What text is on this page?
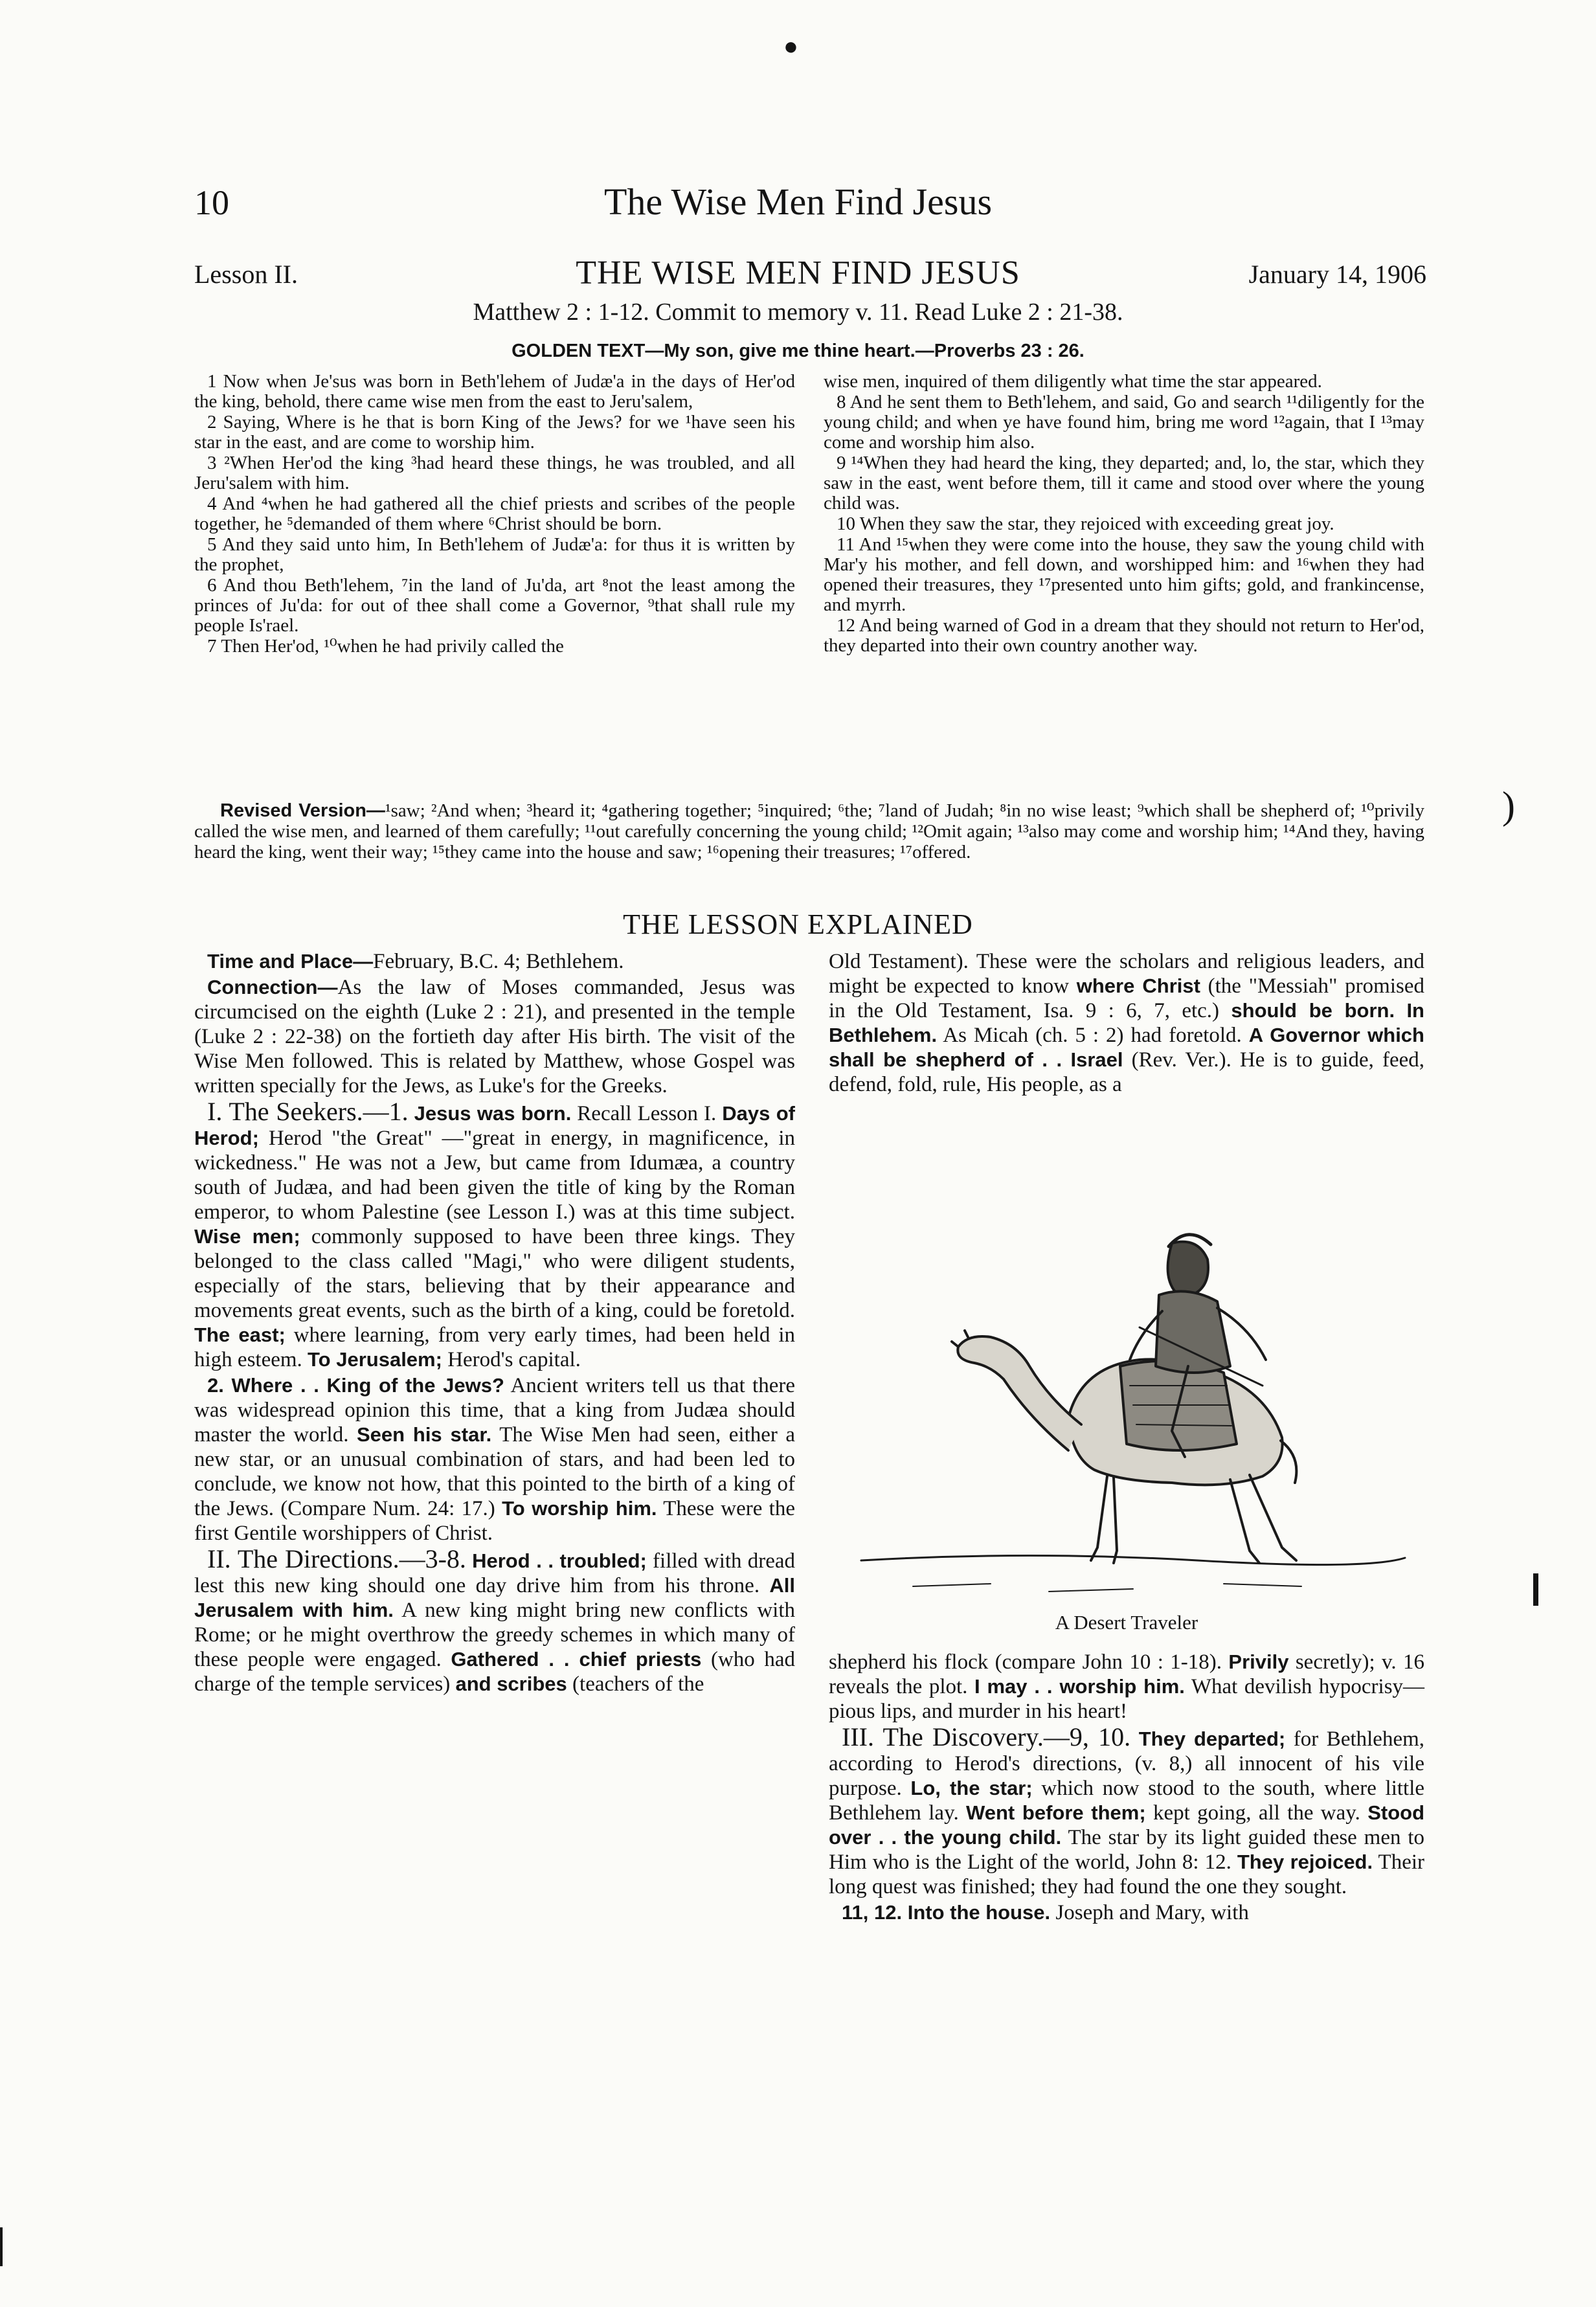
●
10	The Wise Men Find Jesus
Lesson II.	THE WISE MEN FIND JESUS	January 14, 1906
Matthew 2 : 1-12. Commit to memory v. 11. Read Luke 2 : 21-38.
GOLDEN TEXT—My son, give me thine heart.—Proverbs 23 : 26.

1 Now when Je'sus was born in Beth'lehem of Judæ'a in the days of Her'od the king, behold, there came wise men from the east to Jeru'salem,

2 Saying, Where is he that is born King of the Jews? for we ¹have seen his star in the east, and are come to worship him.

3 ²When Her'od the king ³had heard these things, he was troubled, and all Jeru'salem with him.

4 And ⁴when he had gathered all the chief priests and scribes of the people together, he ⁵demanded of them where ⁶Christ should be born.

5 And they said unto him, In Beth'lehem of Judæ'a: for thus it is written by the prophet,

6 And thou Beth'lehem, ⁷in the land of Ju'da, art ⁸not the least among the princes of Ju'da: for out of thee shall come a Governor, ⁹that shall rule my people Is'rael.

7 Then Her'od, ¹⁰when he had privily called the

wise men, inquired of them diligently what time the star appeared.

8 And he sent them to Beth'lehem, and said, Go and search ¹¹diligently for the young child; and when ye have found him, bring me word ¹²again, that I ¹³may come and worship him also.

9 ¹⁴When they had heard the king, they departed; and, lo, the star, which they saw in the east, went before them, till it came and stood over where the young child was.

10 When they saw the star, they rejoiced with exceeding great joy.

11 And ¹⁵when they were come into the house, they saw the young child with Mar'y his mother, and fell down, and worshipped him: and ¹⁶when they had opened their treasures, they ¹⁷presented unto him gifts; gold, and frankincense, and myrrh.

12 And being warned of God in a dream that they should not return to Her'od, they departed into their own country another way.

Revised Version—¹saw; ²And when; ³heard it; ⁴gathering together; ⁵inquired; ⁶the; ⁷land of Judah; ⁸in no wise least; ⁹which shall be shepherd of; ¹⁰privily called the wise men, and learned of them carefully; ¹¹out carefully concerning the young child; ¹²Omit again; ¹³also may come and worship him; ¹⁴And they, having heard the king, went their way; ¹⁵they came into the house and saw; ¹⁶opening their treasures; ¹⁷offered.
THE LESSON EXPLAINED

Time and Place—February, B.C. 4; Bethlehem.

Connection—As the law of Moses commanded, Jesus was circumcised on the eighth (Luke 2 : 21), and presented in the temple (Luke 2 : 22-38) on the fortieth day after His birth. The visit of the Wise Men followed. This is related by Matthew, whose Gospel was written specially for the Jews, as Luke's for the Greeks.

I. The Seekers.—1. Jesus was born. Recall Lesson I. Days of Herod; Herod "the Great" —"great in energy, in magnificence, in wickedness." He was not a Jew, but came from Idumæa, a country south of Judæa, and had been given the title of king by the Roman emperor, to whom Palestine (see Lesson I.) was at this time subject. Wise men; commonly supposed to have been three kings. They belonged to the class called "Magi," who were diligent students, especially of the stars, believing that by their appearance and movements great events, such as the birth of a king, could be foretold. The east; where learning, from very early times, had been held in high esteem. To Jerusalem; Herod's capital.

2. Where . . King of the Jews? Ancient writers tell us that there was widespread opinion this time, that a king from Judæa should master the world. Seen his star. The Wise Men had seen, either a new star, or an unusual combination of stars, and had been led to conclude, we know not how, that this pointed to the birth of a king of the Jews. (Compare Num. 24: 17.) To worship him. These were the first Gentile worshippers of Christ.

II. The Directions.—3-8. Herod . . troubled; filled with dread lest this new king should one day drive him from his throne. All Jerusalem with him. A new king might bring new conflicts with Rome; or he might overthrow the greedy schemes in which many of these people were engaged. Gathered . . chief priests (who had charge of the temple services) and scribes (teachers of the

Old Testament). These were the scholars and religious leaders, and might be expected to know where Christ (the "Messiah" promised in the Old Testament, Isa. 9 : 6, 7, etc.) should be born. In Bethlehem. As Micah (ch. 5 : 2) had foretold. A Governor which shall be shepherd of . . Israel (Rev. Ver.). He is to guide, feed, defend, fold, rule, His people, as a

A Desert Traveler

shepherd his flock (compare John 10 : 1-18). Privily secretly); v. 16 reveals the plot. I may . . worship him. What devilish hypocrisy—pious lips, and murder in his heart!

III. The Discovery.—9, 10. They departed; for Bethlehem, according to Herod's directions, (v. 8,) all innocent of his vile purpose. Lo, the star; which now stood to the south, where little Bethlehem lay. Went before them; kept going, all the way. Stood over . . the young child. The star by its light guided these men to Him who is the Light of the world, John 8: 12. They rejoiced. Their long quest was finished; they had found the one they sought.

11, 12. Into the house. Joseph and Mary, with

)
